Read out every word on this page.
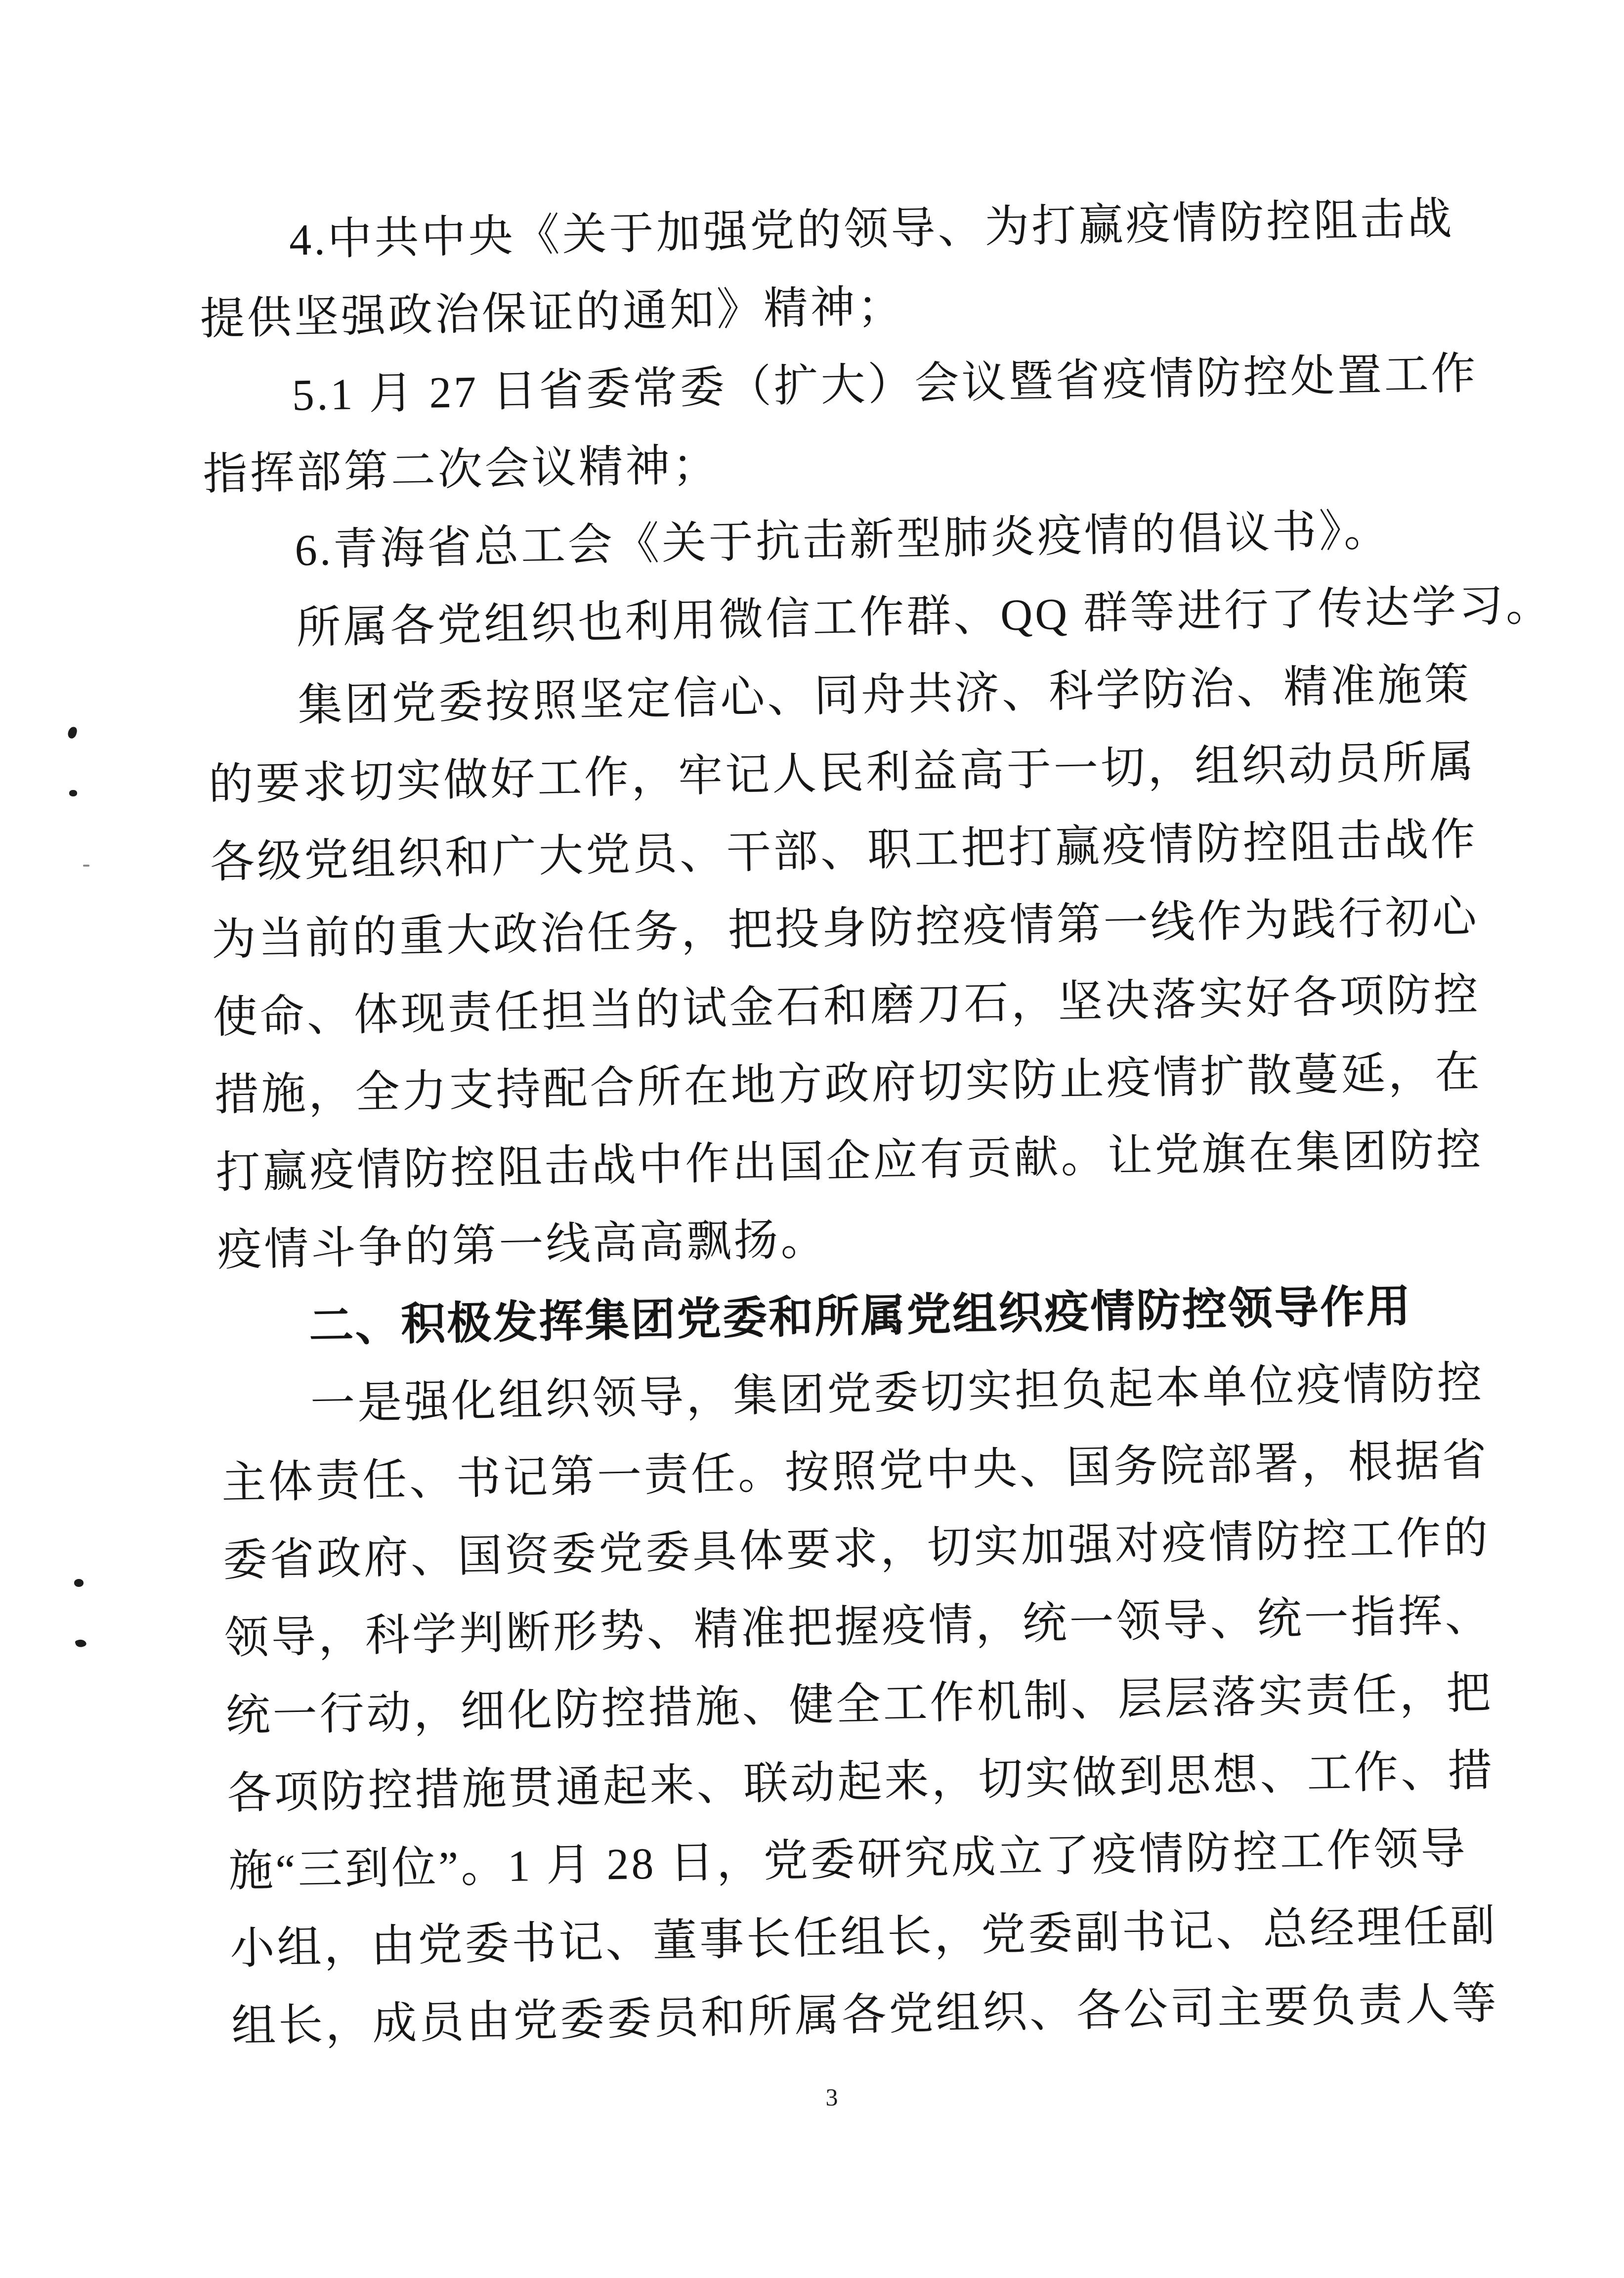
4.中共中央《关于加强党的领导、为打赢疫情防控阻击战
提供坚强政治保证的通知》精神；
5.1 月 27 日省委常委（扩大）会议暨省疫情防控处置工作
指挥部第二次会议精神；
6.青海省总工会《关于抗击新型肺炎疫情的倡议书》。
所属各党组织也利用微信工作群、QQ 群等进行了传达学习。
集团党委按照坚定信心、同舟共济、科学防治、精准施策
的要求切实做好工作，牢记人民利益高于一切，组织动员所属
各级党组织和广大党员、干部、职工把打赢疫情防控阻击战作
为当前的重大政治任务，把投身防控疫情第一线作为践行初心
使命、体现责任担当的试金石和磨刀石，坚决落实好各项防控
措施，全力支持配合所在地方政府切实防止疫情扩散蔓延，在
打赢疫情防控阻击战中作出国企应有贡献。让党旗在集团防控
疫情斗争的第一线高高飘扬。
二、积极发挥集团党委和所属党组织疫情防控领导作用
一是强化组织领导，集团党委切实担负起本单位疫情防控
主体责任、书记第一责任。按照党中央、国务院部署，根据省
委省政府、国资委党委具体要求，切实加强对疫情防控工作的
领导，科学判断形势、精准把握疫情，统一领导、统一指挥、
统一行动，细化防控措施、健全工作机制、层层落实责任，把
各项防控措施贯通起来、联动起来，切实做到思想、工作、措
施“三到位”。1 月 28 日，党委研究成立了疫情防控工作领导
小组，由党委书记、董事长任组长，党委副书记、总经理任副
组长，成员由党委委员和所属各党组织、各公司主要负责人等
3
